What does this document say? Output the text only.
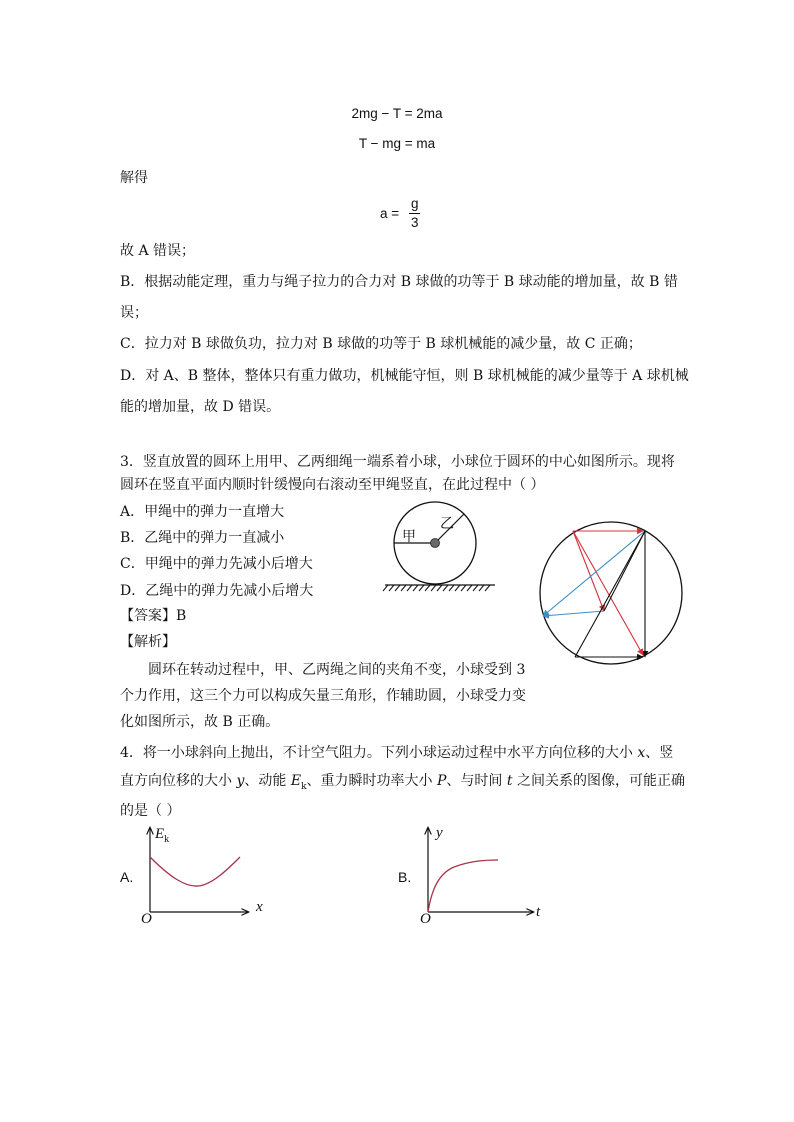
2mg − T = 2ma
T − mg = ma
解得
a =
g
3
故 A 错误；
B．根据动能定理，重力与绳子拉力的合力对 B 球做的功等于 B 球动能的增加量，故 B 错
误；
C．拉力对 B 球做负功，拉力对 B 球做的功等于 B 球机械能的减少量，故 C 正确；
D．对 A、B 整体，整体只有重力做功，机械能守恒，则 B 球机械能的减少量等于 A 球机械
能的增加量，故 D 错误。
3．竖直放置的圆环上用甲、乙两细绳一端系着小球，小球位于圆环的中心如图所示。现将
圆环在竖直平面内顺时针缓慢向右滚动至甲绳竖直，在此过程中（ ）
A．甲绳中的弹力一直增大
B．乙绳中的弹力一直减小
C．甲绳中的弹力先减小后增大
D．乙绳中的弹力先减小后增大
【答案】B
【解析】
圆环在转动过程中，甲、乙两绳之间的夹角不变，小球受到 3
个力作用，这三个力可以构成矢量三角形，作辅助圆，小球受力变
化如图所示，故 B 正确。
甲
乙
4．将一小球斜向上抛出，不计空气阻力。下列小球运动过程中水平方向位移的大小 x、竖
直方向位移的大小 y、动能 $E_k$、重力瞬时功率大小 P、与时间 t 之间关系的图像，可能正确
的是（ ）
A.
$E_k$
x
O
B.
y
t
O
